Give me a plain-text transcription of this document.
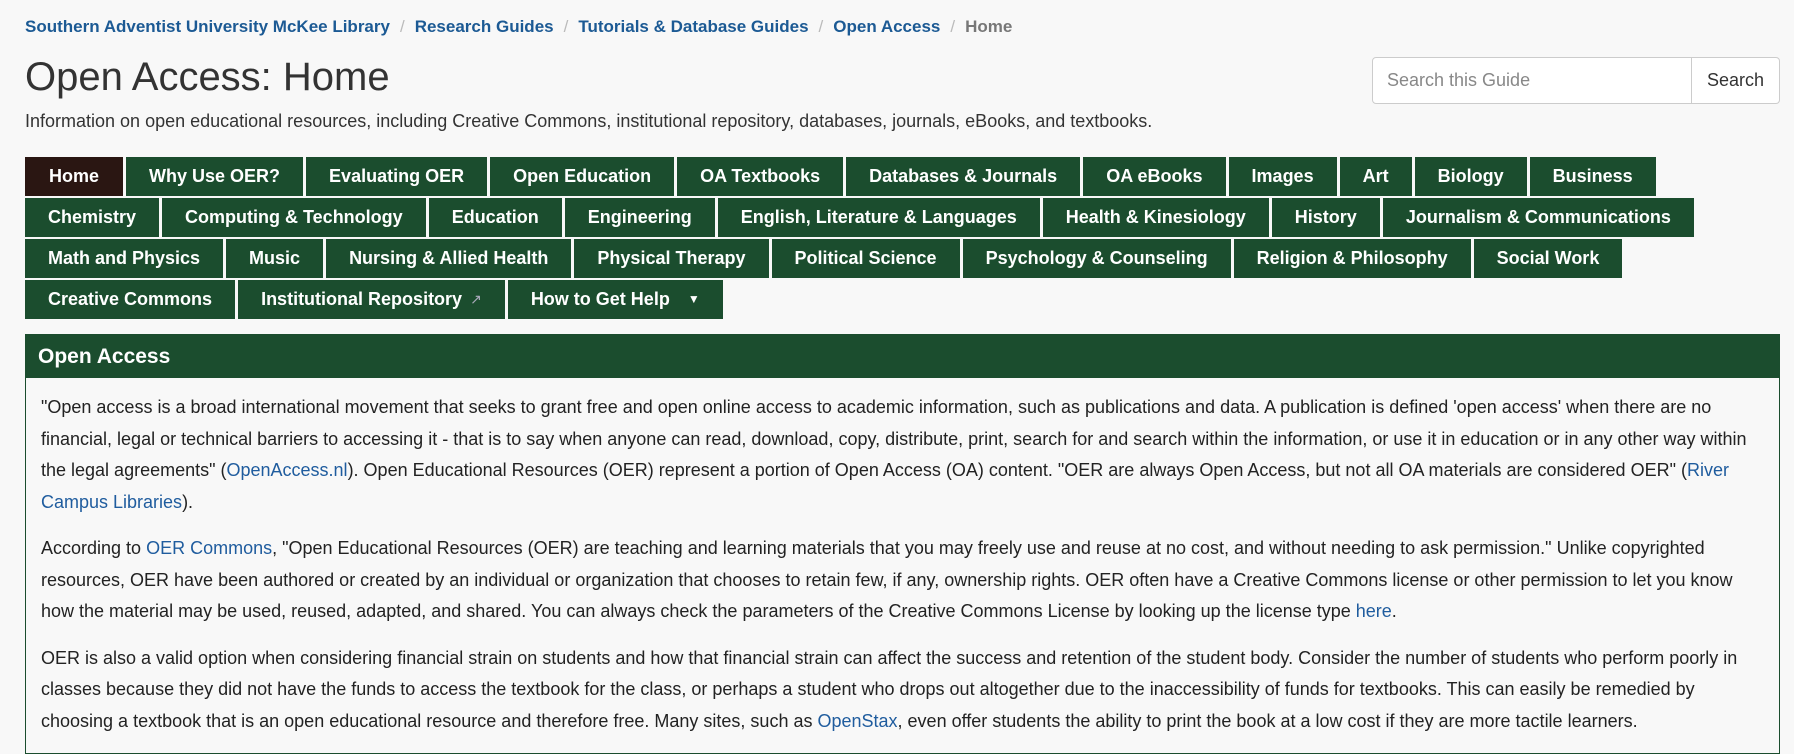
Southern Adventist University McKee Library / Research Guides / Tutorials & Database Guides / Open Access / Home
Open Access: Home
Information on open educational resources, including Creative Commons, institutional repository, databases, journals, eBooks, and textbooks.
Search this Guide
Search
Home	Why Use OER?	Evaluating OER	Open Education	OA Textbooks	Databases & Journals	OA eBooks	Images	Art	Biology	Business
Chemistry	Computing & Technology	Education	Engineering	English, Literature & Languages	Health & Kinesiology	History	Journalism & Communications
Math and Physics	Music	Nursing & Allied Health	Physical Therapy	Political Science	Psychology & Counseling	Religion & Philosophy	Social Work
Creative Commons	Institutional Repository ↗	How to Get Help ▼
Open Access

"Open access is a broad international movement that seeks to grant free and open online access to academic information, such as publications and data. A publication is defined 'open access' when there are no financial, legal or technical barriers to accessing it - that is to say when anyone can read, download, copy, distribute, print, search for and search within the information, or use it in education or in any other way within the legal agreements" (OpenAccess.nl). Open Educational Resources (OER) represent a portion of Open Access (OA) content. "OER are always Open Access, but not all OA materials are considered OER" (River Campus Libraries).

According to OER Commons, "Open Educational Resources (OER) are teaching and learning materials that you may freely use and reuse at no cost, and without needing to ask permission." Unlike copyrighted resources, OER have been authored or created by an individual or organization that chooses to retain few, if any, ownership rights. OER often have a Creative Commons license or other permission to let you know how the material may be used, reused, adapted, and shared. You can always check the parameters of the Creative Commons License by looking up the license type here.

OER is also a valid option when considering financial strain on students and how that financial strain can affect the success and retention of the student body. Consider the number of students who perform poorly in classes because they did not have the funds to access the textbook for the class, or perhaps a student who drops out altogether due to the inaccessibility of funds for textbooks. This can easily be remedied by choosing a textbook that is an open educational resource and therefore free. Many sites, such as OpenStax, even offer students the ability to print the book at a low cost if they are more tactile learners.
